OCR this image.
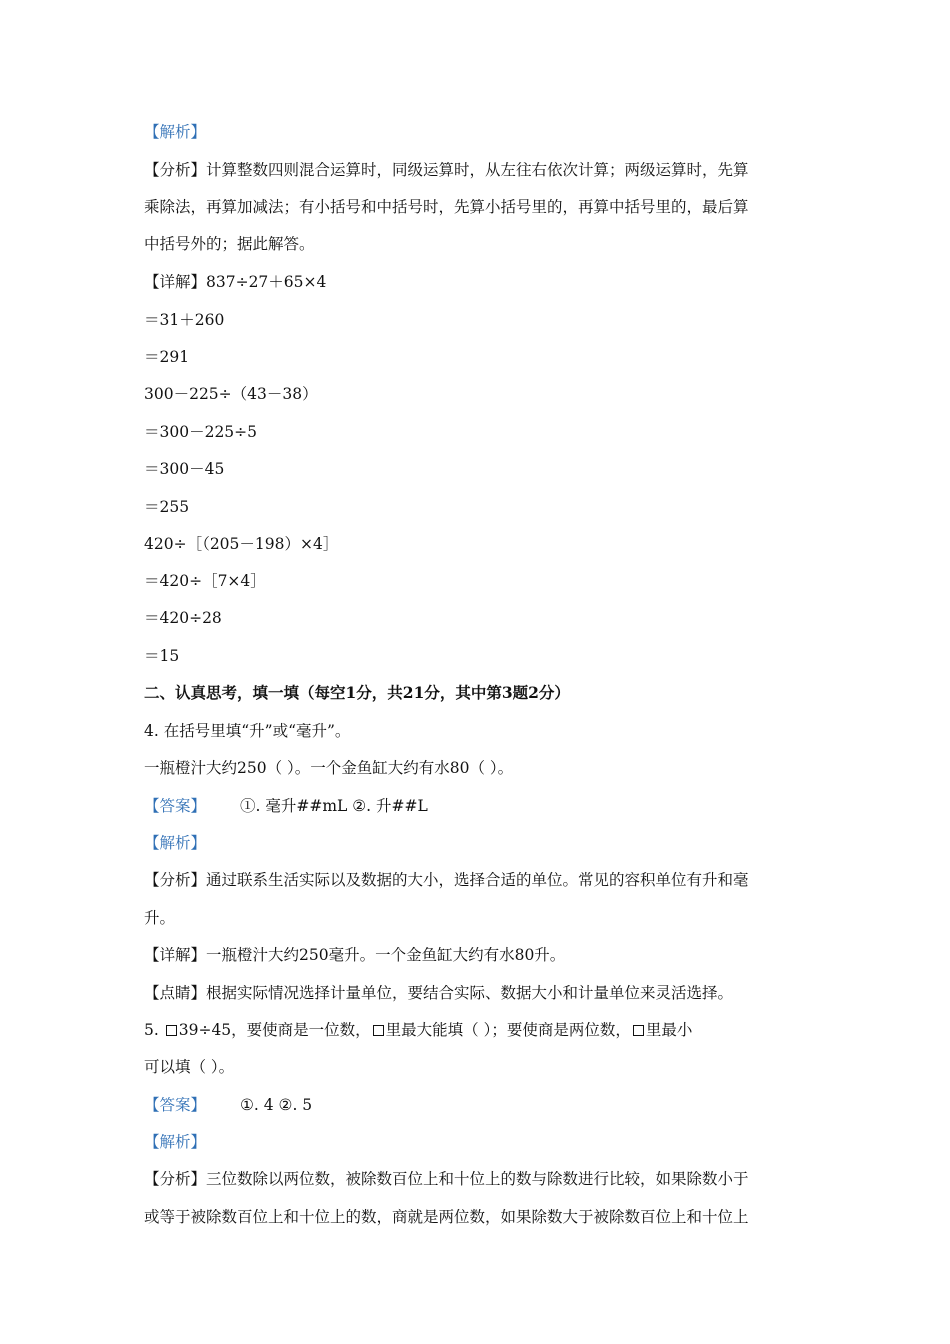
【解析】

【分析】计算整数四则混合运算时，同级运算时，从左往右依次计算；两级运算时，先算

乘除法，再算加减法；有小括号和中括号时，先算小括号里的，再算中括号里的，最后算

中括号外的；据此解答。

【详解】837÷27＋65×4

＝31＋260

＝291

300－225÷（43－38）

＝300－225÷5

＝300－45

＝255

420÷［（205－198）×4］

＝420÷［7×4］

＝420÷28

＝15

二、认真思考，填一填（每空1分，共21分，其中第3题2分）

4. 在括号里填“升”或“毫升”。

一瓶橙汁大约250（ ）。一个金鱼缸大约有水80（ ）。

【答案】 ①. 毫升##mL ②. 升##L

【解析】

【分析】通过联系生活实际以及数据的大小，选择合适的单位。常见的容积单位有升和毫

升。

【详解】一瓶橙汁大约250毫升。一个金鱼缸大约有水80升。

【点睛】根据实际情况选择计量单位，要结合实际、数据大小和计量单位来灵活选择。

5. 39÷45，要使商是一位数， 里最大能填（ ）；要使商是两位数， 里最小

可以填（ ）。

【答案】 ①. 4 ②. 5

【解析】

【分析】三位数除以两位数，被除数百位上和十位上的数与除数进行比较，如果除数小于

或等于被除数百位上和十位上的数，商就是两位数，如果除数大于被除数百位上和十位上
